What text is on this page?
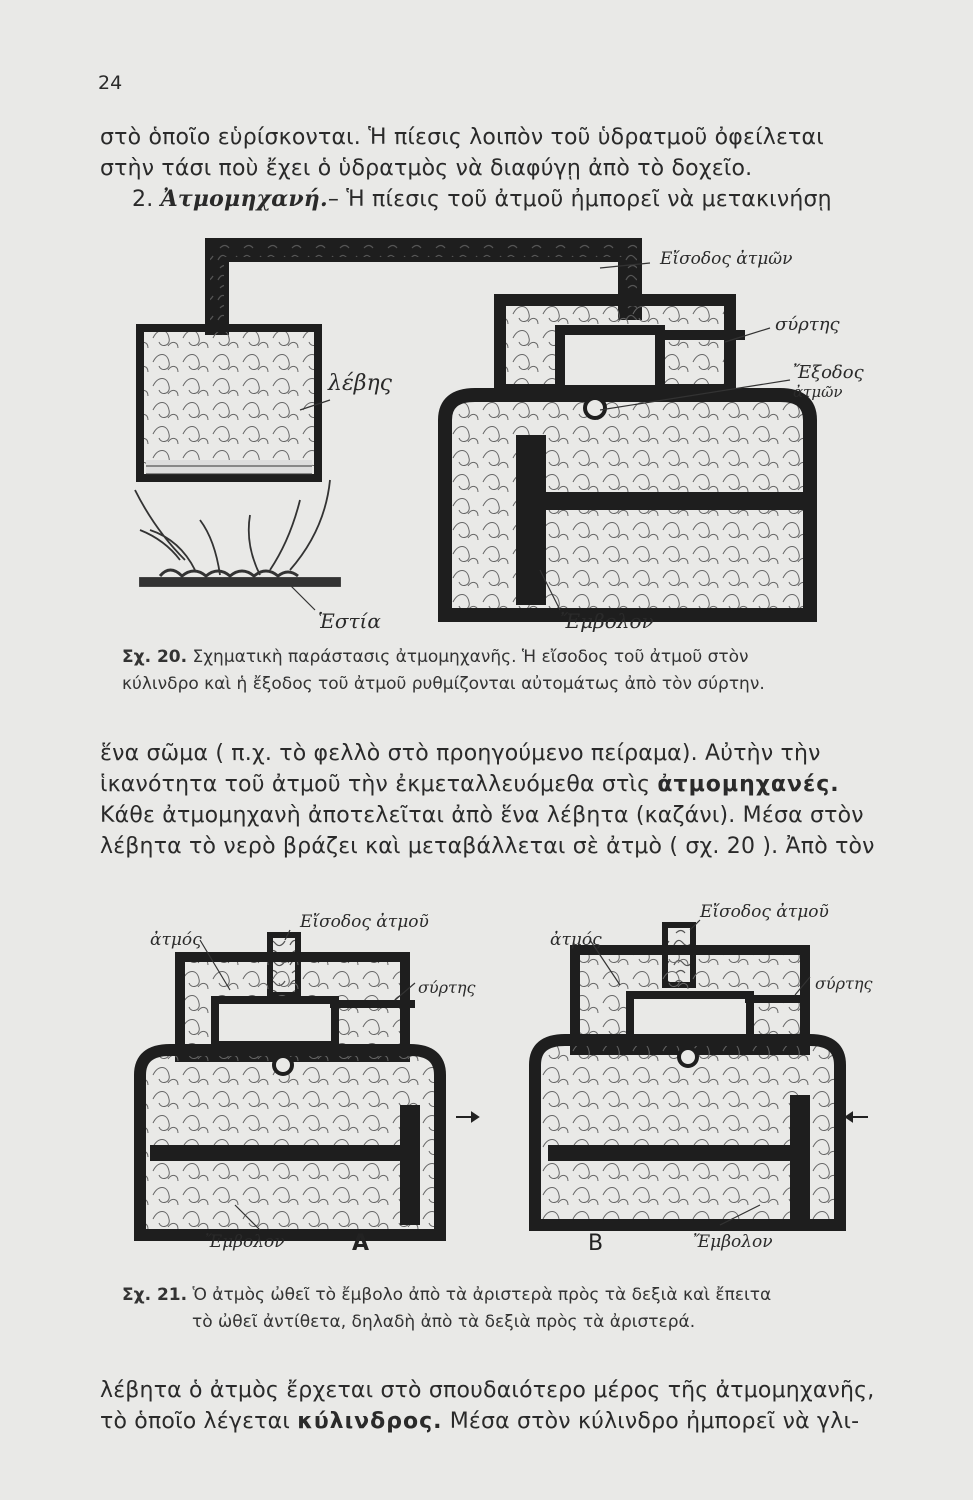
24

στὸ ὁποῖο εὑρίσκονται. Ἡ πίεσις λοιπὸν τοῦ ὑδρατμοῦ ὀφείλεται

στὴν τάσι ποὺ ἔχει ὁ ὑδρατμὸς νὰ διαφύγῃ ἀπὸ τὸ δοχεῖο.

2. Ἀτμομηχανή.– Ἡ πίεσις τοῦ ἀτμοῦ ἠμπορεῖ νὰ μετακινήσῃ

Εἴσοδος ἀτμῶν
σύρτης
λέβης	Ἔξοδος
ἀτμῶν
Ἑστία	Ἔμβολον
Σχ. 20. Σχηματικὴ παράστασις ἀτμομηχανῆς. Ἡ εἴσοδος τοῦ ἀτμοῦ στὸν
κύλινδρο καὶ ἡ ἔξοδος τοῦ ἀτμοῦ ρυθμίζονται αὐτομάτως ἀπὸ τὸν σύρτην.

ἕνα σῶμα ( π.χ. τὸ φελλὸ στὸ προηγούμενο πείραμα). Αὐτὴν τὴν

ἱκανότητα τοῦ ἀτμοῦ τὴν ἐκμεταλλευόμεθα στὶς ἀτμομηχανές.

Κάθε ἀτμομηχανὴ ἀποτελεῖται ἀπὸ ἕνα λέβητα (καζάνι). Μέσα στὸν

λέβητα τὸ νερὸ βράζει καὶ μεταβάλλεται σὲ ἀτμὸ ( σχ. 20 ). Ἀπὸ τὸν

Εἴσοδος ἀτμοῦ
ἀτμός
σύρτης
Ἔμβολον	A
Εἴσοδος ἀτμοῦ
ἀτμός
σύρτης
B	Ἔμβολον
Σχ. 21. Ὁ ἀτμὸς ὠθεῖ τὸ ἔμβολο ἀπὸ τὰ ἀριστερὰ πρὸς τὰ δεξιὰ καὶ ἔπειτα
τὸ ὠθεῖ ἀντίθετα, δηλαδὴ ἀπὸ τὰ δεξιὰ πρὸς τὰ ἀριστερά.

λέβητα ὁ ἀτμὸς ἔρχεται στὸ σπουδαιότερο μέρος τῆς ἀτμομηχανῆς,

τὸ ὁποῖο λέγεται κύλινδρος. Μέσα στὸν κύλινδρο ἠμπορεῖ νὰ γλι-
